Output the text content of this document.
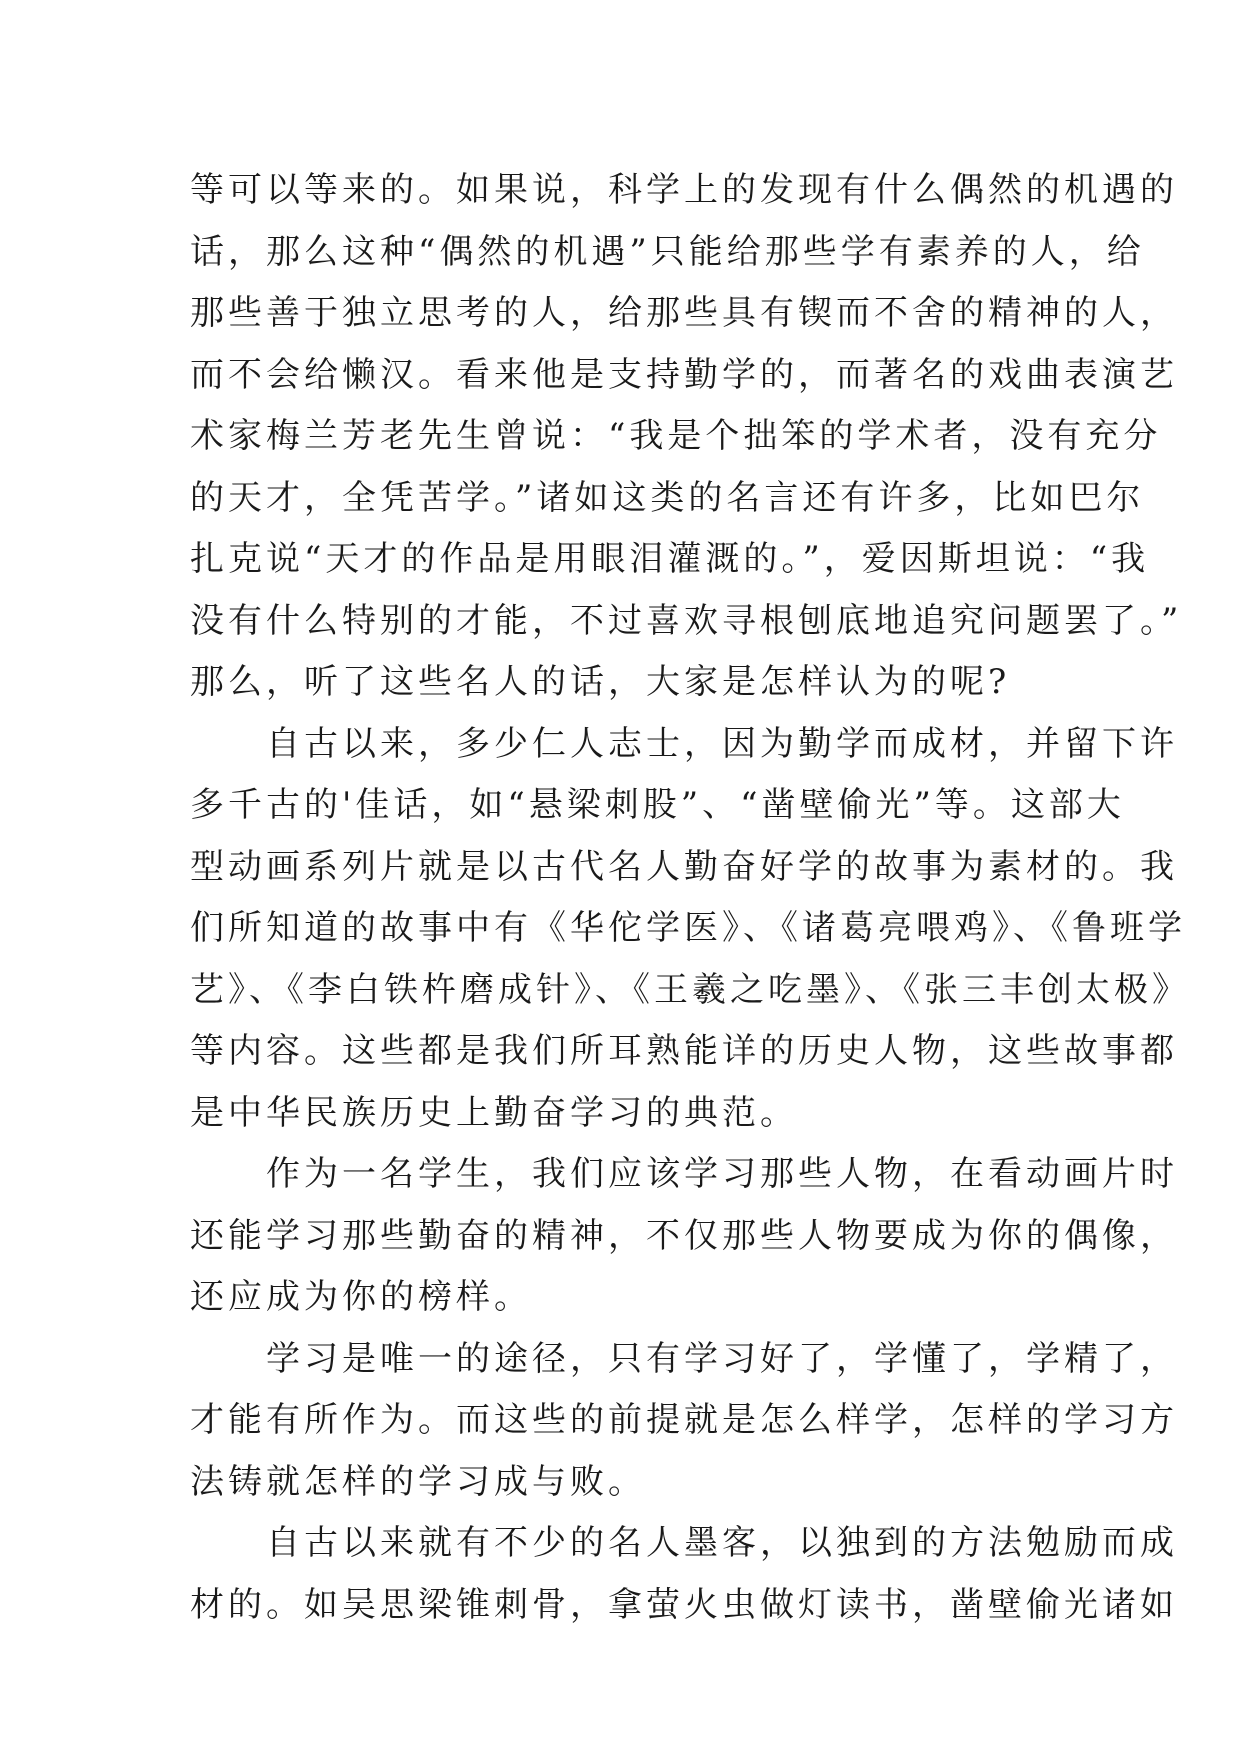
等可以等来的。如果说，科学上的发现有什么偶然的机遇的
话，那么这种“偶然的机遇”只能给那些学有素养的人，给
那些善于独立思考的人，给那些具有锲而不舍的精神的人，
而不会给懒汉。看来他是支持勤学的，而著名的戏曲表演艺
术家梅兰芳老先生曾说：“我是个拙笨的学术者，没有充分
的天才，全凭苦学。”诸如这类的名言还有许多，比如巴尔
扎克说“天才的作品是用眼泪灌溉的。”，爱因斯坦说：“我
没有什么特别的才能，不过喜欢寻根刨底地追究问题罢了。”
那么，听了这些名人的话，大家是怎样认为的呢?
　　自古以来，多少仁人志士，因为勤学而成材，并留下许
多千古的'佳话，如“悬梁刺股”、“凿壁偷光”等。这部大
型动画系列片就是以古代名人勤奋好学的故事为素材的。我
们所知道的故事中有《华佗学医》、《诸葛亮喂鸡》、《鲁班学
艺》、《李白铁杵磨成针》、《王羲之吃墨》、《张三丰创太极》
等内容。这些都是我们所耳熟能详的历史人物，这些故事都
是中华民族历史上勤奋学习的典范。
　　作为一名学生，我们应该学习那些人物，在看动画片时
还能学习那些勤奋的精神，不仅那些人物要成为你的偶像，
还应成为你的榜样。
　　学习是唯一的途径，只有学习好了，学懂了，学精了，
才能有所作为。而这些的前提就是怎么样学，怎样的学习方
法铸就怎样的学习成与败。
　　自古以来就有不少的名人墨客，以独到的方法勉励而成
材的。如吴思梁锥刺骨，拿萤火虫做灯读书，凿壁偷光诸如
